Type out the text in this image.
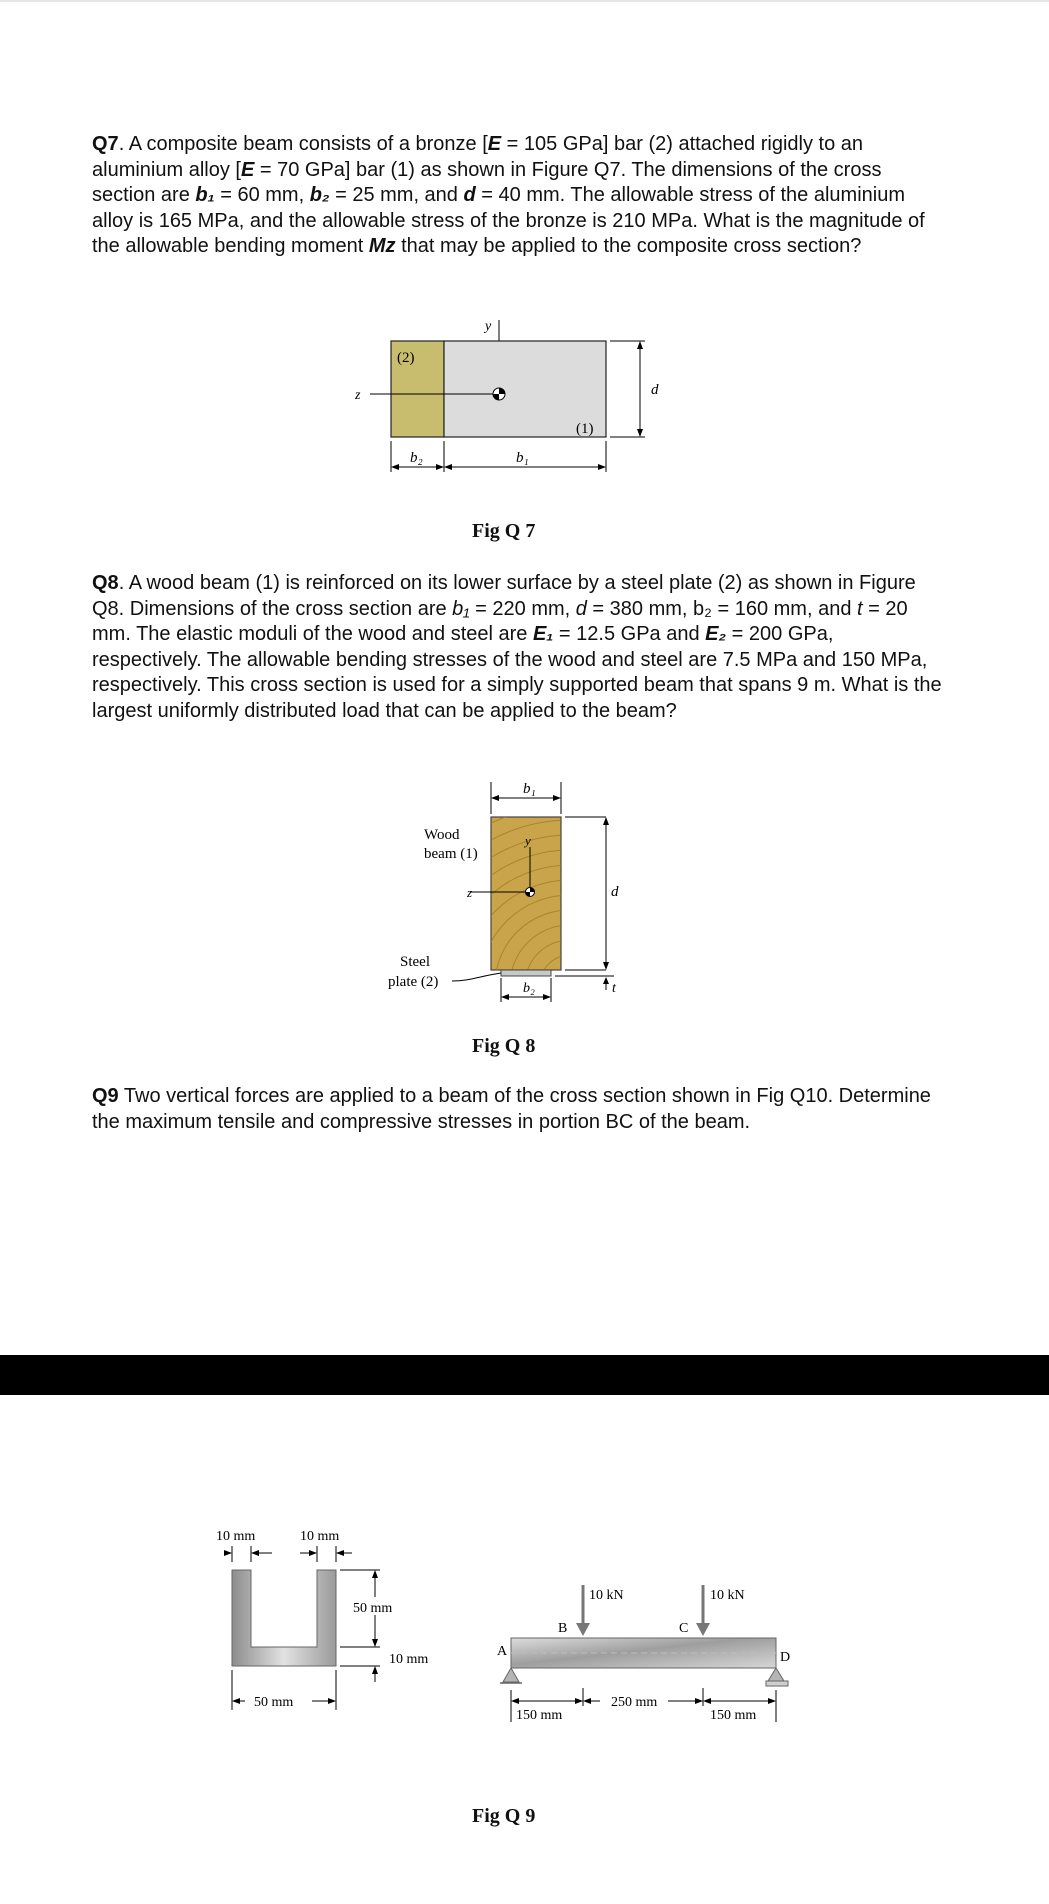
Q7. A composite beam consists of a bronze [E = 105 GPa] bar (2) attached rigidly to an aluminium alloy [E = 70 GPa] bar (1) as shown in Figure Q7. The dimensions of the cross section are b₁ = 60 mm, b₂ = 25 mm, and d = 40 mm. The allowable stress of the aluminium alloy is 165 MPa, and the allowable stress of the bronze is 210 MPa. What is the magnitude of the allowable bending moment Mz that may be applied to the composite cross section?

y
(2)
(1)
z	d
b₂	b₁
Fig Q 7

Q8. A wood beam (1) is reinforced on its lower surface by a steel plate (2) as shown in Figure Q8. Dimensions of the cross section are b₁ = 220 mm, d = 380 mm, b₂ = 160 mm, and t = 20 mm. The elastic moduli of the wood and steel are E₁ = 12.5 GPa and E₂ = 200 GPa, respectively. The allowable bending stresses of the wood and steel are 7.5 MPa and 150 MPa, respectively. This cross section is used for a simply supported beam that spans 9 m. What is the largest uniformly distributed load that can be applied to the beam?

b₁
y
z
Wood
beam (1)
Steel
plate (2)
d
t
b₂
Fig Q 8

Q9 Two vertical forces are applied to a beam of the cross section shown in Fig Q10. Determine the maximum tensile and compressive stresses in portion BC of the beam.

10 mm	10 mm
50 mm
10 mm
50 mm
A	D
B	C
10 kN	10 kN
150 mm
250 mm
150 mm
Fig Q 9
